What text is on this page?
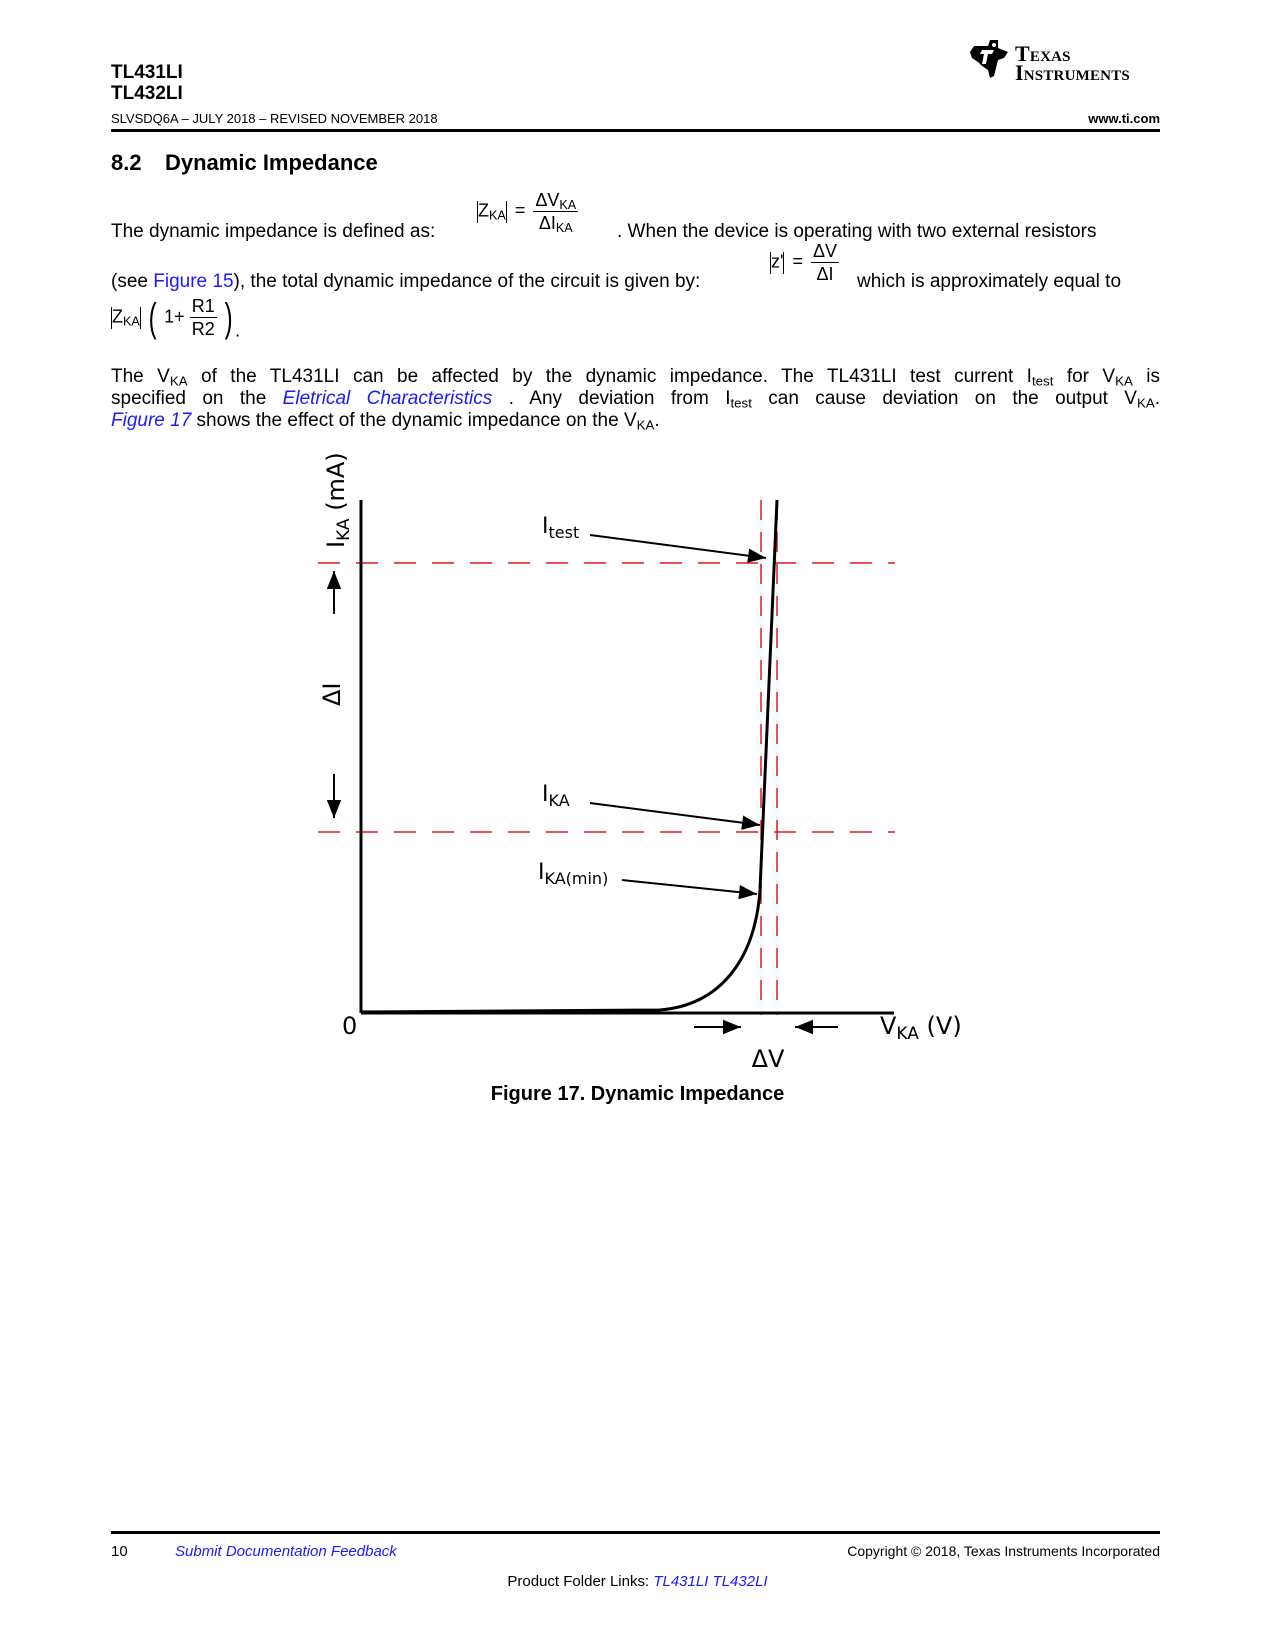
TL431LI
TL432LI
SLVSDQ6A – JULY 2018 – REVISED NOVEMBER 2018	www.ti.com
Texas
Instruments
8.2 Dynamic Impedance
The dynamic impedance is defined as:
$Z_{KA} = \frac{\Delta V_{KA}}{\Delta I_{KA}}$ . When the device is operating with two external resistors
(see Figure 15), the total dynamic impedance of the circuit is given by:
$z' = \frac{\Delta V}{\Delta I}$ which is approximately equal to
$Z_{KA}$ ( $1+ \frac{R1}{R2}$ ) .
The $V_{KA}$ of the TL431LI can be affected by the dynamic impedance. The TL431LI test current $I_{test}$ for $V_{KA}$ is
specified on the Eletrical Characteristics . Any deviation from $I_{test}$ can cause deviation on the output $V_{KA}$.
Figure 17 shows the effect of the dynamic impedance on the $V_{KA}$.
$I_{KA}$ (mA)
ΔI
0	$V_{KA}$ (V)
ΔV
$I_{test}$
$I_{KA}$
$I_{KA(min)}$
Figure 17. Dynamic Impedance
10	Submit Documentation Feedback	Copyright © 2018, Texas Instruments Incorporated
Product Folder Links: TL431LI TL432LI
